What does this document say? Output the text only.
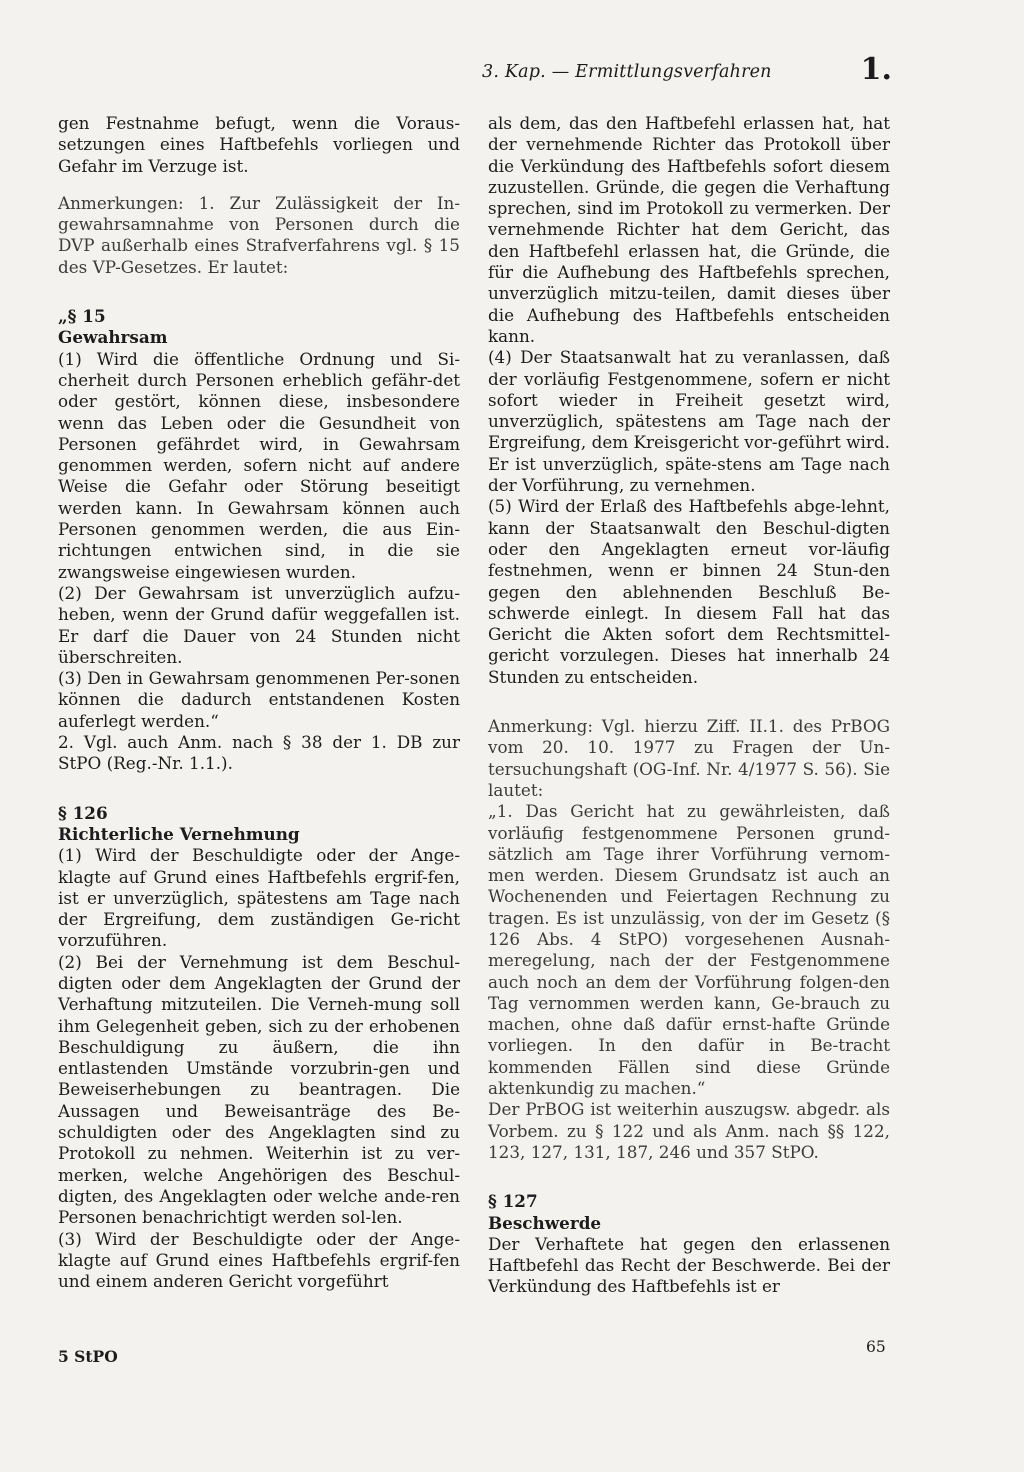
3. Kap. — Ermittlungsverfahren	1.

gen Festnahme befugt, wenn die Voraus-setzungen eines Haftbefehls vorliegen und Gefahr im Verzuge ist.

Anmerkungen: 1. Zur Zulässigkeit der In-gewahrsamnahme von Personen durch die DVP außerhalb eines Strafverfahrens vgl. § 15 des VP-Gesetzes. Er lautet:

„§ 15

Gewahrsam

(1) Wird die öffentliche Ordnung und Si-cherheit durch Personen erheblich gefähr-det oder gestört, können diese, insbesondere wenn das Leben oder die Gesundheit von Personen gefährdet wird, in Gewahrsam genommen werden, sofern nicht auf andere Weise die Gefahr oder Störung beseitigt werden kann. In Gewahrsam können auch Personen genommen werden, die aus Ein-richtungen entwichen sind, in die sie zwangsweise eingewiesen wurden.

(2) Der Gewahrsam ist unverzüglich aufzu-heben, wenn der Grund dafür weggefallen ist. Er darf die Dauer von 24 Stunden nicht überschreiten.

(3) Den in Gewahrsam genommenen Per-sonen können die dadurch entstandenen Kosten auferlegt werden.“

2. Vgl. auch Anm. nach § 38 der 1. DB zur StPO (Reg.-Nr. 1.1.).

§ 126

Richterliche Vernehmung

(1) Wird der Beschuldigte oder der Ange-klagte auf Grund eines Haftbefehls ergrif-fen, ist er unverzüglich, spätestens am Tage nach der Ergreifung, dem zuständigen Ge-richt vorzuführen.

(2) Bei der Vernehmung ist dem Beschul-digten oder dem Angeklagten der Grund der Verhaftung mitzuteilen. Die Verneh-mung soll ihm Gelegenheit geben, sich zu der erhobenen Beschuldigung zu äußern, die ihn entlastenden Umstände vorzubrin-gen und Beweiserhebungen zu beantragen. Die Aussagen und Beweisanträge des Be-schuldigten oder des Angeklagten sind zu Protokoll zu nehmen. Weiterhin ist zu ver-merken, welche Angehörigen des Beschul-digten, des Angeklagten oder welche ande-ren Personen benachrichtigt werden sol-len.

(3) Wird der Beschuldigte oder der Ange-klagte auf Grund eines Haftbefehls ergrif-fen und einem anderen Gericht vorgeführt

als dem, das den Haftbefehl erlassen hat, hat der vernehmende Richter das Protokoll über die Verkündung des Haftbefehls sofort diesem zuzustellen. Gründe, die gegen die Verhaftung sprechen, sind im Protokoll zu vermerken. Der vernehmende Richter hat dem Gericht, das den Haftbefehl erlassen hat, die Gründe, die für die Aufhebung des Haftbefehls sprechen, unverzüglich mitzu-teilen, damit dieses über die Aufhebung des Haftbefehls entscheiden kann.

(4) Der Staatsanwalt hat zu veranlassen, daß der vorläufig Festgenommene, sofern er nicht sofort wieder in Freiheit gesetzt wird, unverzüglich, spätestens am Tage nach der Ergreifung, dem Kreisgericht vor-geführt wird. Er ist unverzüglich, späte-stens am Tage nach der Vorführung, zu vernehmen.

(5) Wird der Erlaß des Haftbefehls abge-lehnt, kann der Staatsanwalt den Beschul-digten oder den Angeklagten erneut vor-läufig festnehmen, wenn er binnen 24 Stun-den gegen den ablehnenden Beschluß Be-schwerde einlegt. In diesem Fall hat das Gericht die Akten sofort dem Rechtsmittel-gericht vorzulegen. Dieses hat innerhalb 24 Stunden zu entscheiden.

Anmerkung: Vgl. hierzu Ziff. II.1. des PrBOG vom 20. 10. 1977 zu Fragen der Un-tersuchungshaft (OG-Inf. Nr. 4/1977 S. 56). Sie lautet:

„1. Das Gericht hat zu gewährleisten, daß vorläufig festgenommene Personen grund-sätzlich am Tage ihrer Vorführung vernom-men werden. Diesem Grundsatz ist auch an Wochenenden und Feiertagen Rechnung zu tragen. Es ist unzulässig, von der im Gesetz (§ 126 Abs. 4 StPO) vorgesehenen Ausnah-meregelung, nach der der Festgenommene auch noch an dem der Vorführung folgen-den Tag vernommen werden kann, Ge-brauch zu machen, ohne daß dafür ernst-hafte Gründe vorliegen. In den dafür in Be-tracht kommenden Fällen sind diese Gründe aktenkundig zu machen.“

Der PrBOG ist weiterhin auszugsw. abgedr. als Vorbem. zu § 122 und als Anm. nach §§ 122, 123, 127, 131, 187, 246 und 357 StPO.

§ 127

Beschwerde

Der Verhaftete hat gegen den erlassenen Haftbefehl das Recht der Beschwerde. Bei der Verkündung des Haftbefehls ist er

5 StPO	65
